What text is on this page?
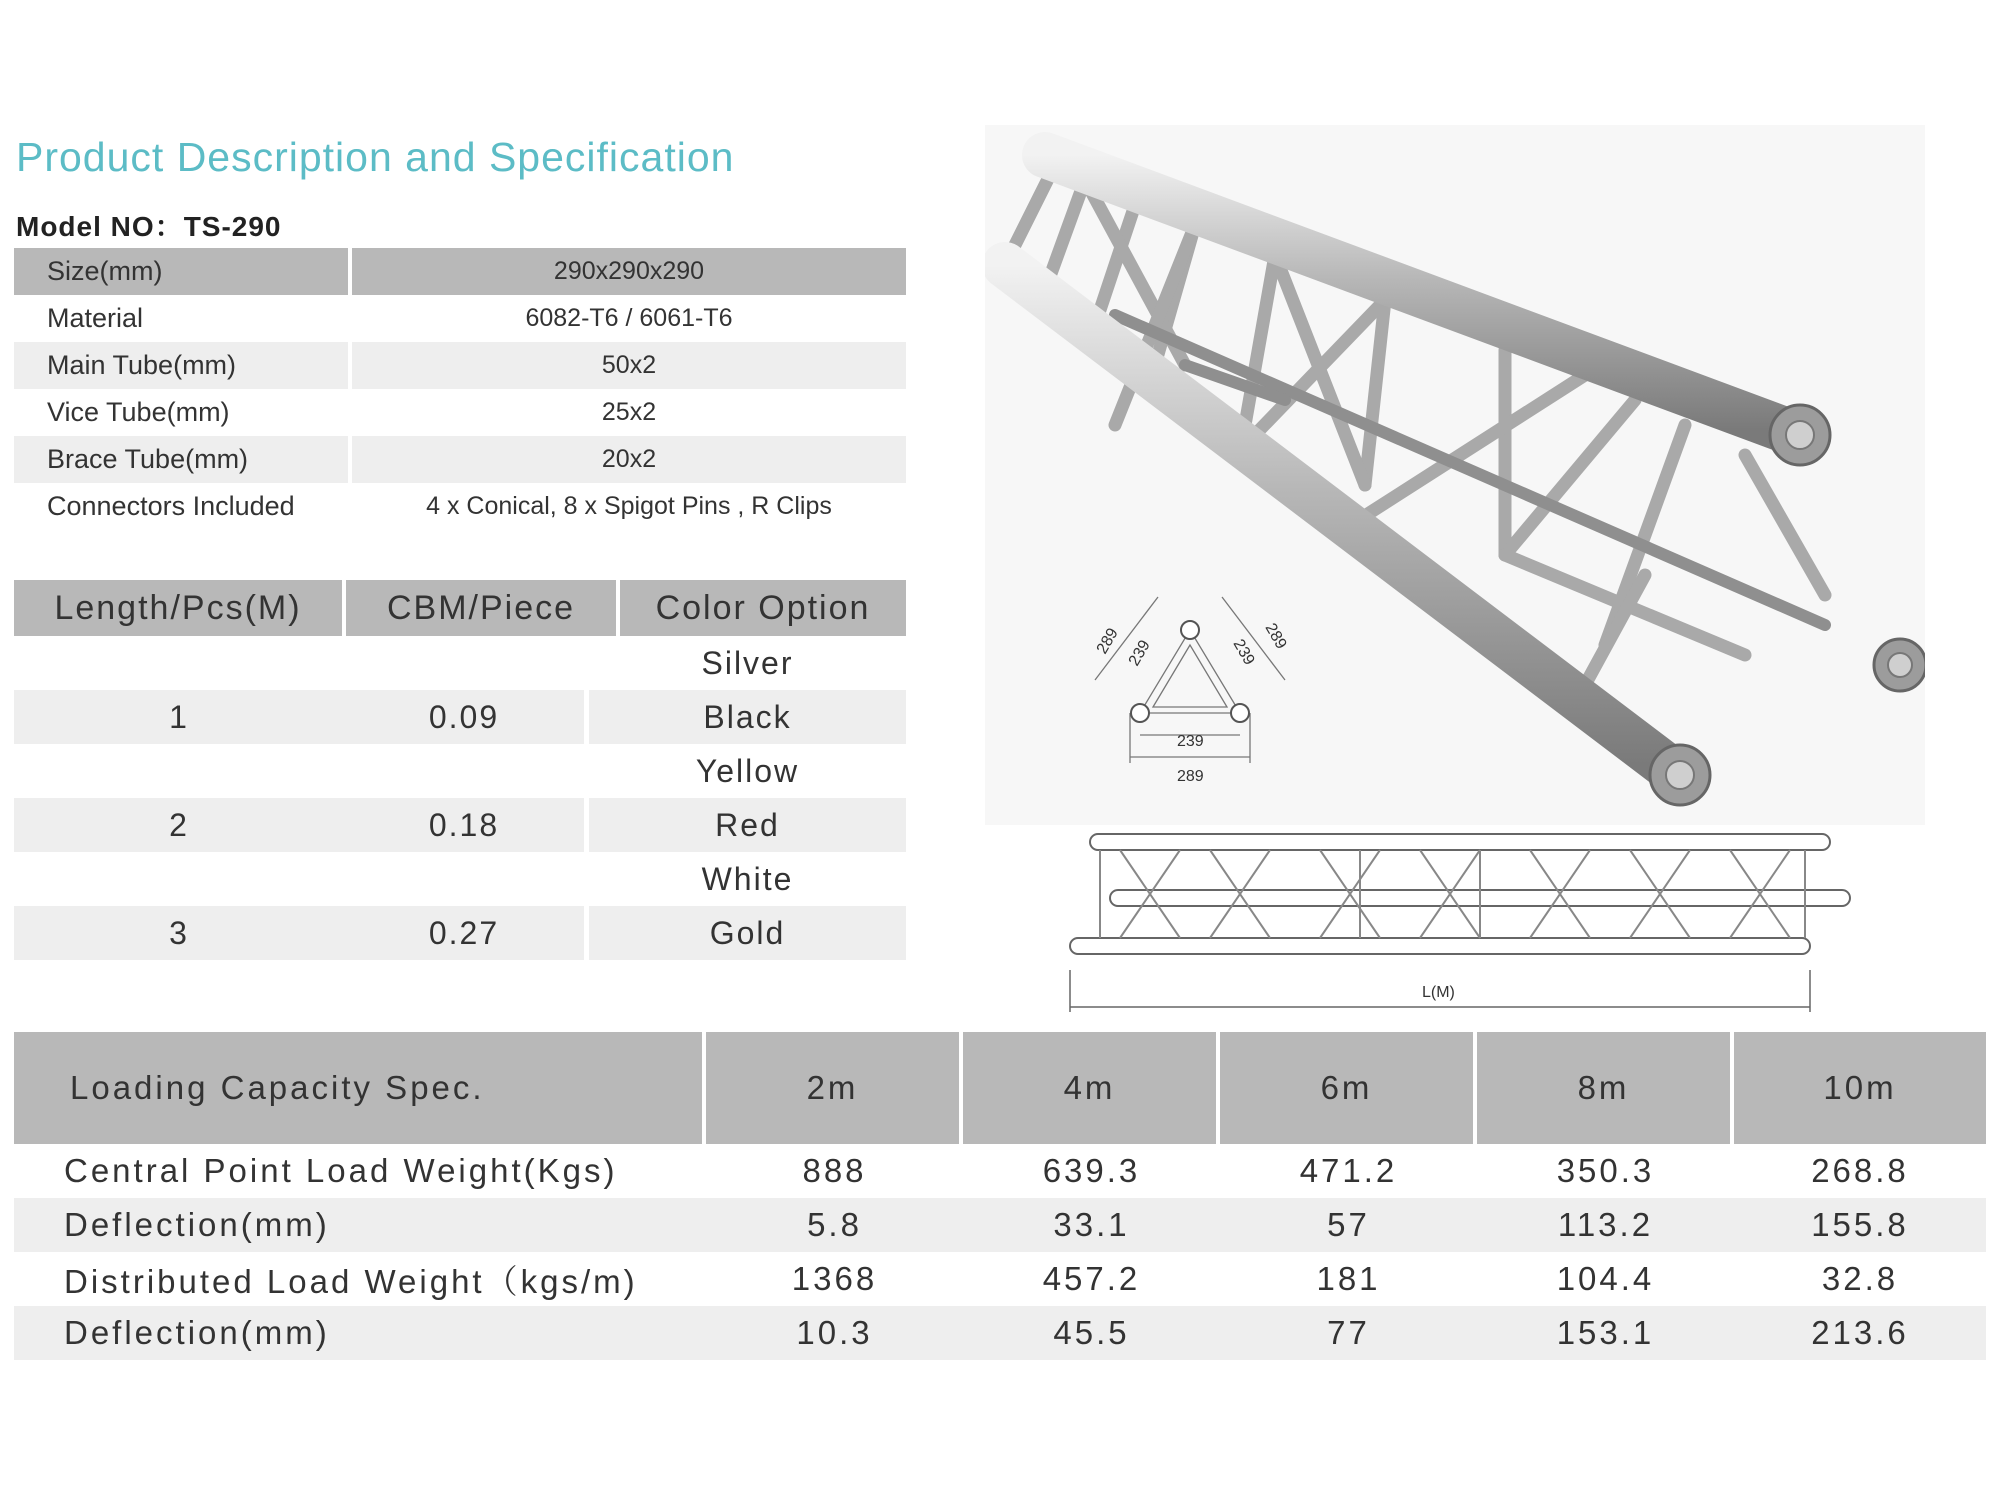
Product Description and Specification
Model NO：TS-290
Size(mm)	290x290x290
Material	6082-T6 / 6061-T6
Main Tube(mm)	50x2
Vice Tube(mm)	25x2
Brace Tube(mm)	20x2
Connectors Included	4 x Conical, 8 x Spigot Pins , R Clips
Length/Pcs(M)	CBM/Piece	Color Option
Silver
1	0.09	Black
Yellow
2	0.18	Red
White
3	0.27	Gold
289 239
289
239
239
289
L(M)
Loading Capacity Spec.	2m	4m	6m	8m	10m
Central Point Load Weight(Kgs)	888	639.3	471.2	350.3	268.8
Deflection(mm)	5.8	33.1	57	113.2	155.8
Distributed Load Weight（kgs/m)	1368	457.2	181	104.4	32.8
Deflection(mm)	10.3	45.5	77	153.1	213.6
